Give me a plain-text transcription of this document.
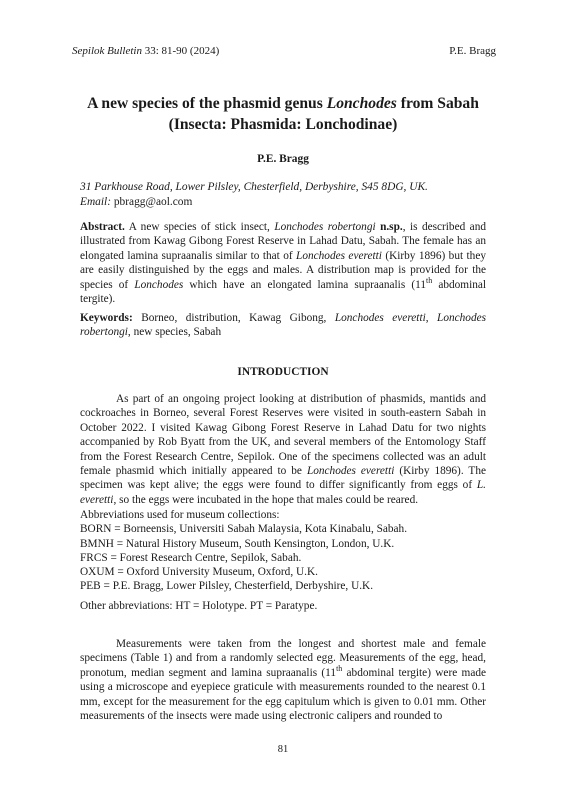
Sepilok Bulletin 33: 81-90 (2024)	P.E. Bragg
A new species of the phasmid genus Lonchodes from Sabah
(Insecta: Phasmida: Lonchodinae)
P.E. Bragg
31 Parkhouse Road, Lower Pilsley, Chesterfield, Derbyshire, S45 8DG, UK.
Email: pbragg@aol.com
Abstract. A new species of stick insect, Lonchodes robertongi n.sp., is described and illustrated from Kawag Gibong Forest Reserve in Lahad Datu, Sabah. The female has an elongated lamina supraanalis similar to that of Lonchodes everetti (Kirby 1896) but they are easily distinguished by the eggs and males. A distribution map is provided for the species of Lonchodes which have an elongated lamina supraanalis (11th abdominal tergite).
Keywords: Borneo, distribution, Kawag Gibong, Lonchodes everetti, Lonchodes robertongi, new species, Sabah
INTRODUCTION
As part of an ongoing project looking at distribution of phasmids, mantids and cockroaches in Borneo, several Forest Reserves were visited in south-eastern Sabah in October 2022. I visited Kawag Gibong Forest Reserve in Lahad Datu for two nights accompanied by Rob Byatt from the UK, and several members of the Entomology Staff from the Forest Research Centre, Sepilok. One of the specimens collected was an adult female phasmid which initially appeared to be Lonchodes everetti (Kirby 1896). The specimen was kept alive; the eggs were found to differ significantly from eggs of L. everetti, so the eggs were incubated in the hope that males could be reared.
Abbreviations used for museum collections:
BORN = Borneensis, Universiti Sabah Malaysia, Kota Kinabalu, Sabah.
BMNH = Natural History Museum, South Kensington, London, U.K.
FRCS = Forest Research Centre, Sepilok, Sabah.
OXUM = Oxford University Museum, Oxford, U.K.
PEB = P.E. Bragg, Lower Pilsley, Chesterfield, Derbyshire, U.K.
Other abbreviations: HT = Holotype. PT = Paratype.
Measurements were taken from the longest and shortest male and female specimens (Table 1) and from a randomly selected egg. Measurements of the egg, head, pronotum, median segment and lamina supraanalis (11th abdominal tergite) were made using a microscope and eyepiece graticule with measurements rounded to the nearest 0.1 mm, except for the measurement for the egg capitulum which is given to 0.01 mm. Other measurements of the insects were made using electronic calipers and rounded to
81
